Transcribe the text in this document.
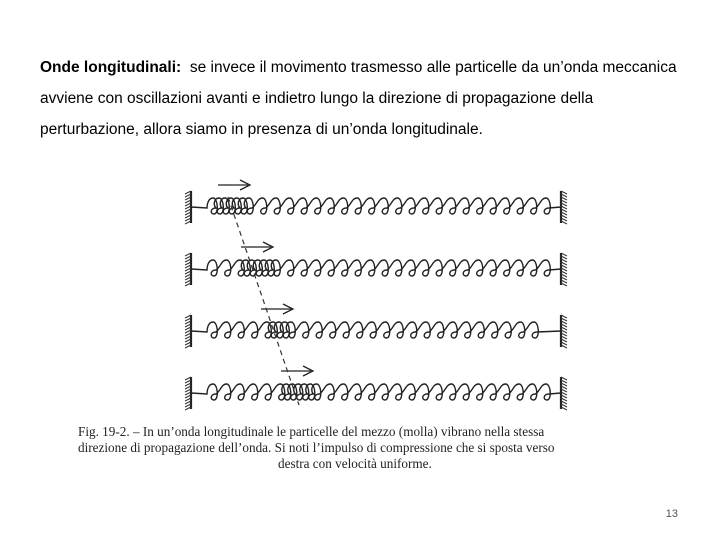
Onde longitudinali: se invece il movimento trasmesso alle particelle da un’onda meccanica
avviene con oscillazioni avanti e indietro lungo la direzione di propagazione della
perturbazione, allora siamo in presenza di un’onda longitudinale.
Fig. 19-2. – In un’onda longitudinale le particelle del mezzo (molla) vibrano nella stessa
direzione di propagazione dell’onda. Si noti l’impulso di compressione che si sposta verso
destra con velocità uniforme.
13
